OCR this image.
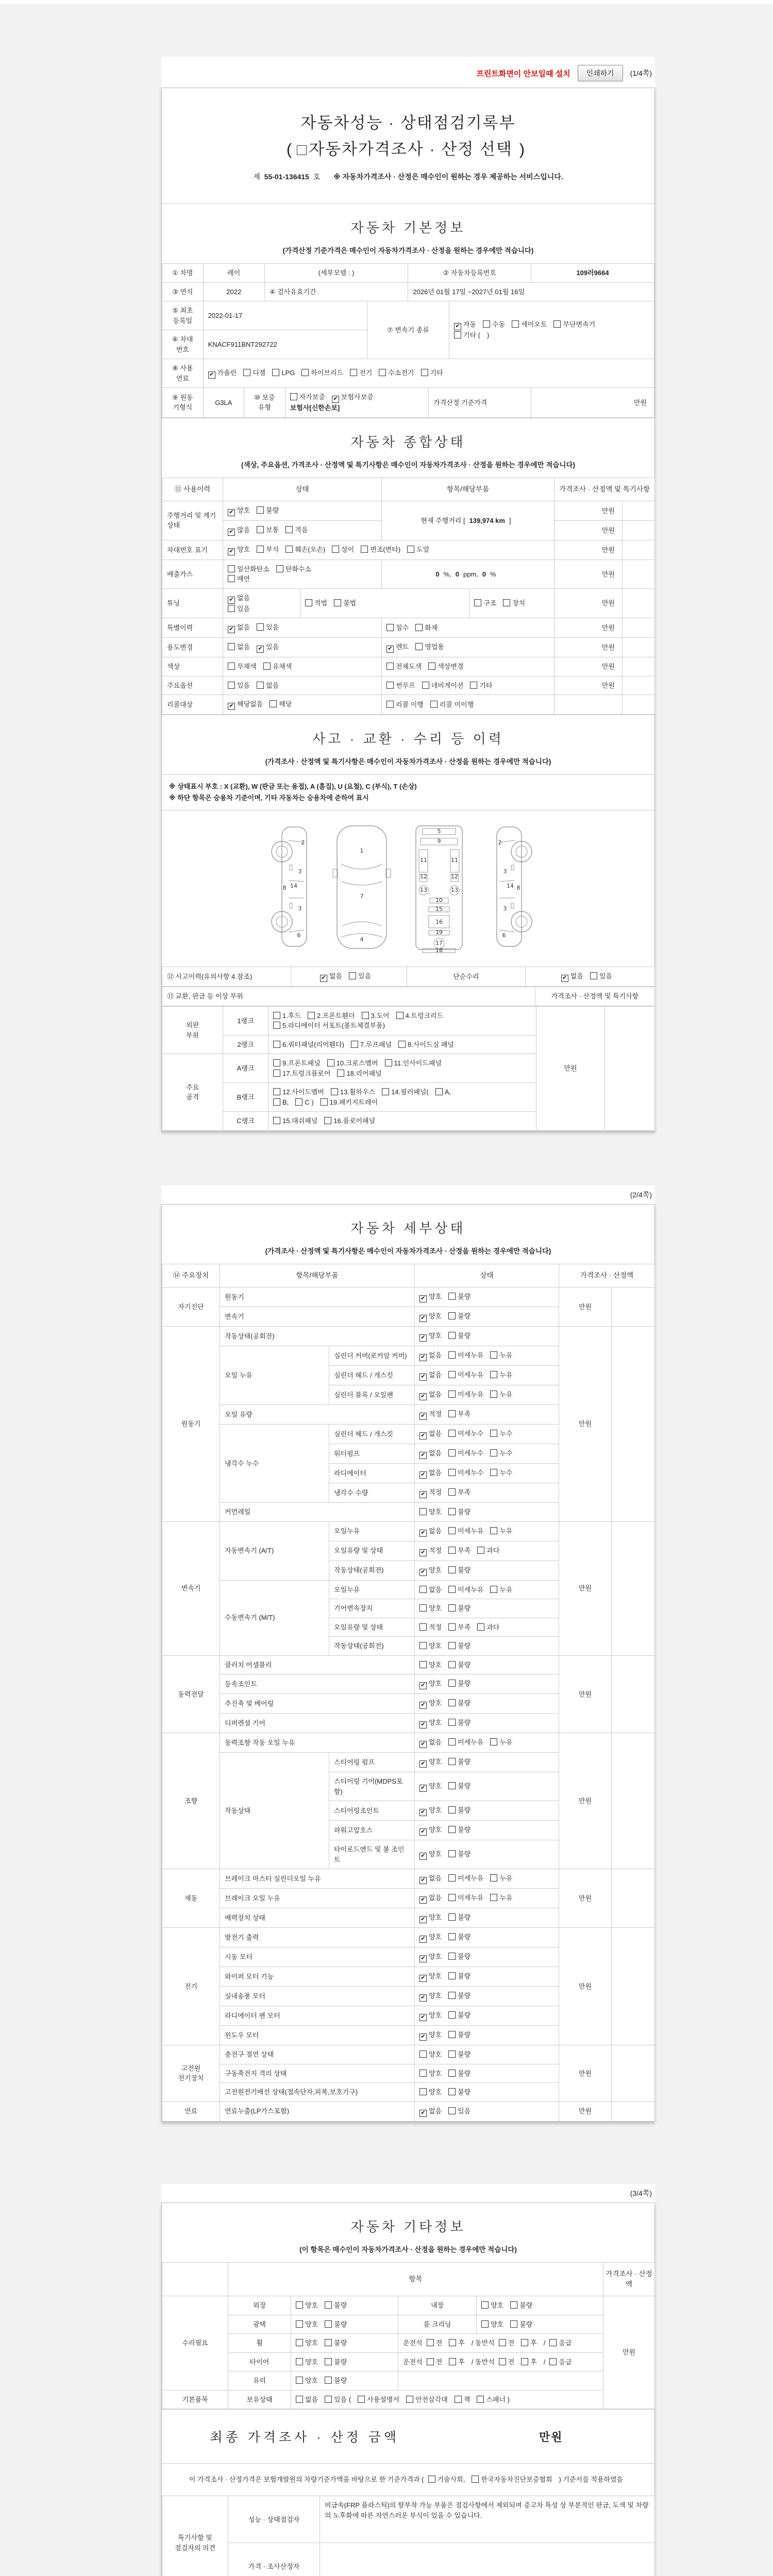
프린트화면이 안보일때 설치	인쇄하기	(1/4쪽)
자동차성능 · 상태점검기록부
( 자동차가격조사 · 산정 선택 )
제 55-01-136415 호 ※ 자동차가격조사 · 산정은 매수인이 원하는 경우 제공하는 서비스입니다.
자동차 기본정보
(가격산정 기준가격은 매수인이 자동차가격조사 · 산정을 원하는 경우에만 적습니다)
① 차명	레이		(세부모델 : )			② 자동차등록번호			109러9664
③ 연식	2022		④ 검사유효기간			2026년 01월 17일 ~2027년 01월 16일			
⑤ 최초
등록일	2022-01-17				⑦ 변속기 종류			✔ 자동 수동 세미오토 무단변속기
기타 ()	
⑥ 차대
번호	KNACF911BNT292722								
⑧ 사용
연료	✔ 가솔린 디젤 LPG 하이브리드 전기 수소전기 기타								
⑨ 원동
기형식	G3LA	⑩ 보증
유형		자가보증 ✔ 보험사보증보험사[신한손보]			가격산정 기준가격		만원
자동차 종합상태
(색상, 주요옵션, 가격조사 · 산정액 및 특기사항은 매수인이 자동차가격조사 · 산정을 원하는 경우에만 적습니다)
⑪ 사용이력	상태		항목/해당부품		가격조사 · 산정액 및 특기사항	
주행거리 및 계기상태	✔ 양호 불량		현재 주행거리 [ 139,974 km ]		만원	
	✔ 많음 보통 적음				만원	
차대번호 표기	✔ 양호 부식 훼손(오손) 상이 변조(변타) 도말				만원	
배출가스	일산화탄소 탄화수소
매연		0 %, 0 ppm, 0 %		만원	
튜닝	✔ 없음
있음	적법 불법		구조 장치	만원	
특별이력	✔ 없음 있음		침수 화재		만원	
용도변경	없음 ✔ 있음		✔ 렌트 영업용		만원	
색상	무채색 유채색		전체도색 색상변경		만원	
주요옵션	있음 없음		썬루프 네비게이션 기타		만원	
리콜대상	✔ 해당없음 해당		리콜 이행 리콜 미이행			
사고 · 교환 · 수리 등 이력
(가격조사 · 산정액 및 특기사항은 매수인이 자동차가격조사 · 산정을 원하는 경우에만 적습니다)
※ 상태표시 부호 : X (교환), W (판금 또는 용접), A (흠집), U (요철), C (부식), T (손상)
※ 하단 항목은 승용차 기준이며, 기타 자동차는 승용차에 준하여 표시
2
3
14
3
8
6
1
7
4
5
9
11	11
12	12
13	13
10
15
16
19
17
18
2
3
14
3
8
6
⑫ 사고이력(유의사항 4.참조)	✔ 없음 있음	단순수리	✔ 없음 있음
⑬ 교환, 판금 등 이상 부위	가격조사 · 산정액 및 특기사항
외판
부위	1랭크	1.후드 2.프론트휀더 3.도어 4.트렁크리드
5.라디에이터 서포트(볼트체결부품)	만원	
	2랭크	6.쿼터패널(리어휀다) 7.루프패널 8.사이드실 패널		
주요
골격	A랭크	9.프론트패널 10.크로스멤버 11.인사이드패널
17.트렁크플로어 18.리어패널		
	B랭크	12.사이드멤버 13.휠하우스 14.필러패널( A,
B, C ) 19.패키지트레이		
	C랭크	15.대쉬패널 16.플로어패널		
(2/4쪽)
자동차 세부상태
(가격조사 · 산정액 및 특기사항은 매수인이 자동차가격조사 · 산정을 원하는 경우에만 적습니다)
⑭ 주요장치	항목/해당부품		상태	가격조사 · 산정액	
자기진단	원동기		✔ 양호 불량	만원	
	변속기		✔ 양호 불량		
원동기	작동상태(공회전)		✔ 양호 불량	만원	
	오일 누유	실린더 커버(로커암 커버)	✔ 없음 미세누유 누유		
		실린더 헤드 / 개스킷	✔ 없음 미세누유 누유		
		실린더 블록 / 오일팬	✔ 없음 미세누유 누유		
	오일 유량		✔ 적정 부족		
	냉각수 누수	실린더 헤드 / 개스킷	✔ 없음 미세누수 누수		
		워터펌프	✔ 없음 미세누수 누수		
		라디에이터	✔ 없음 미세누수 누수		
		냉각수 수량	✔ 적정 부족		
	커먼레일		양호 불량		
변속기	자동변속기 (A/T)	오일누유	✔ 없음 미세누유 누유	만원	
		오일유량 및 상태	✔ 적정 부족 과다		
		작동상태(공회전)	✔ 양호 불량		
	수동변속기 (M/T)	오일누유	없음 미세누유 누유		
		기어변속장치	양호 불량		
		오일유량 및 상태	적정 부족 과다		
		작동상태(공회전)	양호 불량		
동력전달	클러치 어셈블리		양호 불량	만원	
	등속조인트		✔ 양호 불량		
	추진축 및 베어링		✔ 양호 불량		
	디퍼렌셜 기어		✔ 양호 불량		
조향	동력조향 작동 오일 누유		✔ 없음 미세누유 누유	만원	
	작동상태	스티어링 펌프	✔ 양호 불량		
		스티어링 기어(MDPS포함)	✔ 양호 불량		
		스티어링조인트	✔ 양호 불량		
		파워고압호스	✔ 양호 불량		
		타이로드엔드 및 볼 조인트	✔ 양호 불량		
제동	브레이크 마스터 실린더오일 누유		✔ 없음 미세누유 누유	만원	
	브레이크 오일 누유		✔ 없음 미세누유 누유		
	배력장치 상태		✔ 양호 불량		
전기	발전기 출력		✔ 양호 불량	만원	
	시동 모터		✔ 양호 불량		
	와이퍼 모터 기능		✔ 양호 불량		
	실내송풍 모터		✔ 양호 불량		
	라디에이터 팬 모터		✔ 양호 불량		
	윈도우 모터		✔ 양호 불량		
고전원
전기장치	충전구 절연 상태		양호 불량	만원	
	구동축전지 격리 상태		양호 불량		
	고전원전기배선 상태(접속단자,피복,보호기구)		양호 불량		
연료	연료누출(LP가스포함)		✔ 없음 있음	만원	
(3/4쪽)
자동차 기타정보
(이 항목은 매수인이 자동차가격조사 · 산정을 원하는 경우에만 적습니다)
	항목				가격조사 · 산정액
수리필요	외장	양호 불량	내장	양호 불량	만원
	광택	양호 불량	룸 크리닝	양호 불량	
	휠	양호 불량	운전석 전 후 / 동반석 전 후 / 응급		
	타이어	양호 불량	운전석 전 후 / 동반석 전 후 / 응급		
	유리	양호 불량			
기본품목	보유상태	없음 있음 ( 사용설명서 안전삼각대 잭 스패너 )			
최종 가격조사 · 산정 금액	만원
이 가격조사 · 산정가격은 보험개발원의 차량기준가액을 바탕으로 한 기준가격과 ( 기술사회, 한국자동차진단보증협회 ) 기준서를 적용하였음
특기사항 및
점검자의 의견	성능 · 상태점검자	비금속(FRP 플라스틱)의 탈부착 가능 부품은 점검사항에서 제외되며 중고차 특성 상 부분적인 판금, 도색 및 차량의 노후화에 따른 자연스러운 부식이 있을 수 있습니다.
	가격 · 조사산정자	
